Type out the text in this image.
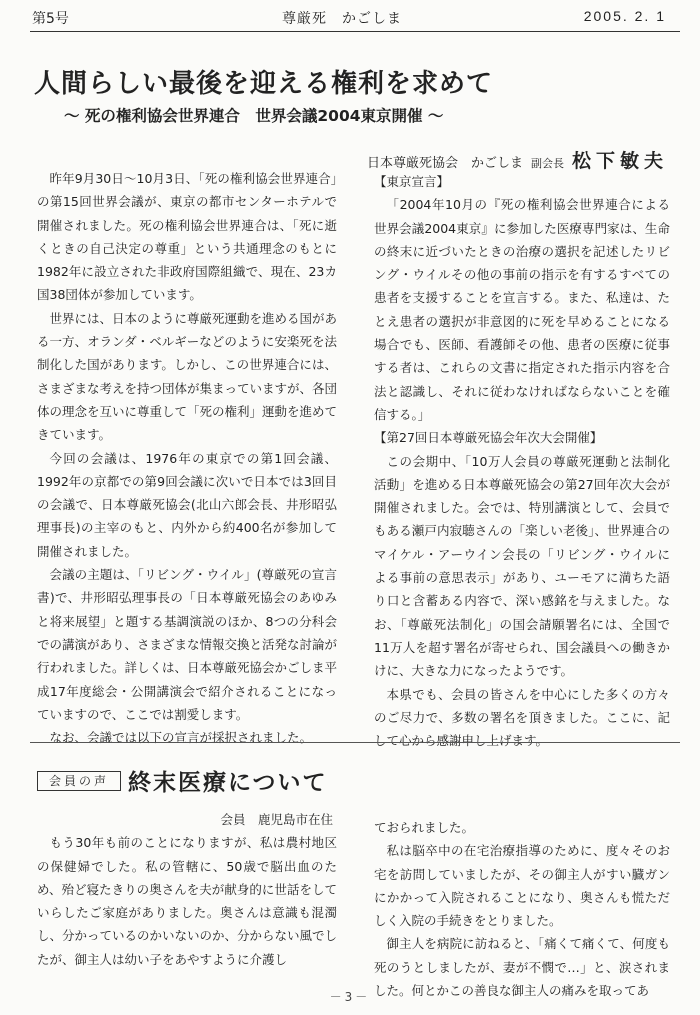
第5号	尊厳死　かごしま	2005. 2. 1
人間らしい最後を迎える権利を求めて

～ 死の権利協会世界連合　世界会議2004東京開催 ～

日本尊厳死協会　かごしま 副会長 松下敏夫

昨年9月30日～10月3日、「死の権利協会世界連合」の第15回世界会議が、東京の都市センターホテルで開催されました。死の権利協会世界連合は、「死に逝くときの自己決定の尊重」という共通理念のもとに1982年に設立された非政府国際組織で、現在、23カ国38団体が参加しています。

世界には、日本のように尊厳死運動を進める国がある一方、オランダ・ベルギーなどのように安楽死を法制化した国があります。しかし、この世界連合には、さまざまな考えを持つ団体が集まっていますが、各団体の理念を互いに尊重して「死の権利」運動を進めてきています。

今回の会議は、1976年の東京での第1回会議、1992年の京都での第9回会議に次いで日本では3回目の会議で、日本尊厳死協会(北山六郎会長、井形昭弘理事長)の主宰のもと、内外から約400名が参加して開催されました。

会議の主題は、「リビング・ウイル」(尊厳死の宣言書)で、井形昭弘理事長の「日本尊厳死協会のあゆみと将来展望」と題する基調演説のほか、8つの分科会での講演があり、さまざまな情報交換と活発な討論が行われました。詳しくは、日本尊厳死協会かごしま平成17年度総会・公開講演会で紹介されることになっていますので、ここでは割愛します。

なお、会議では以下の宣言が採択されました。

【東京宣言】

「2004年10月の『死の権利協会世界連合による世界会議2004東京』に参加した医療専門家は、生命の終末に近づいたときの治療の選択を記述したリビング・ウイルその他の事前の指示を有するすべての患者を支援することを宣言する。また、私達は、たとえ患者の選択が非意図的に死を早めることになる場合でも、医師、看護師その他、患者の医療に従事する者は、これらの文書に指定された指示内容を合法と認識し、それに従わなければならないことを確信する。」

【第27回日本尊厳死協会年次大会開催】

この会期中、「10万人会員の尊厳死運動と法制化活動」を進める日本尊厳死協会の第27回年次大会が開催されました。会では、特別講演として、会員でもある瀬戸内寂聴さんの「楽しい老後」、世界連合のマイケル・アーウイン会長の「リビング・ウイルによる事前の意思表示」があり、ユーモアに満ちた語り口と含蓄ある内容で、深い感銘を与えました。なお、「尊厳死法制化」の国会請願署名には、全国で11万人を超す署名が寄せられ、国会議員への働きかけに、大きな力になったようです。

本県でも、会員の皆さんを中心にした多くの方々のご尽力で、多数の署名を頂きました。ここに、記して心から感謝申し上げます。

会員の声 終末医療について

会員　鹿児島市在住

もう30年も前のことになりますが、私は農村地区の保健婦でした。私の管轄に、50歳で脳出血のため、殆ど寝たきりの奥さんを夫が献身的に世話をしていらしたご家庭がありました。奥さんは意識も混濁し、分かっているのかいないのか、分からない風でしたが、御主人は幼い子をあやすように介護し

ておられました。

私は脳卒中の在宅治療指導のために、度々そのお宅を訪問していましたが、その御主人がすい臓ガンにかかって入院されることになり、奥さんも慌ただしく入院の手続きをとりました。

御主人を病院に訪ねると、「痛くて痛くて、何度も死のうとしましたが、妻が不憫で…」と、涙されました。何とかこの善良な御主人の痛みを取ってあ

－3－
